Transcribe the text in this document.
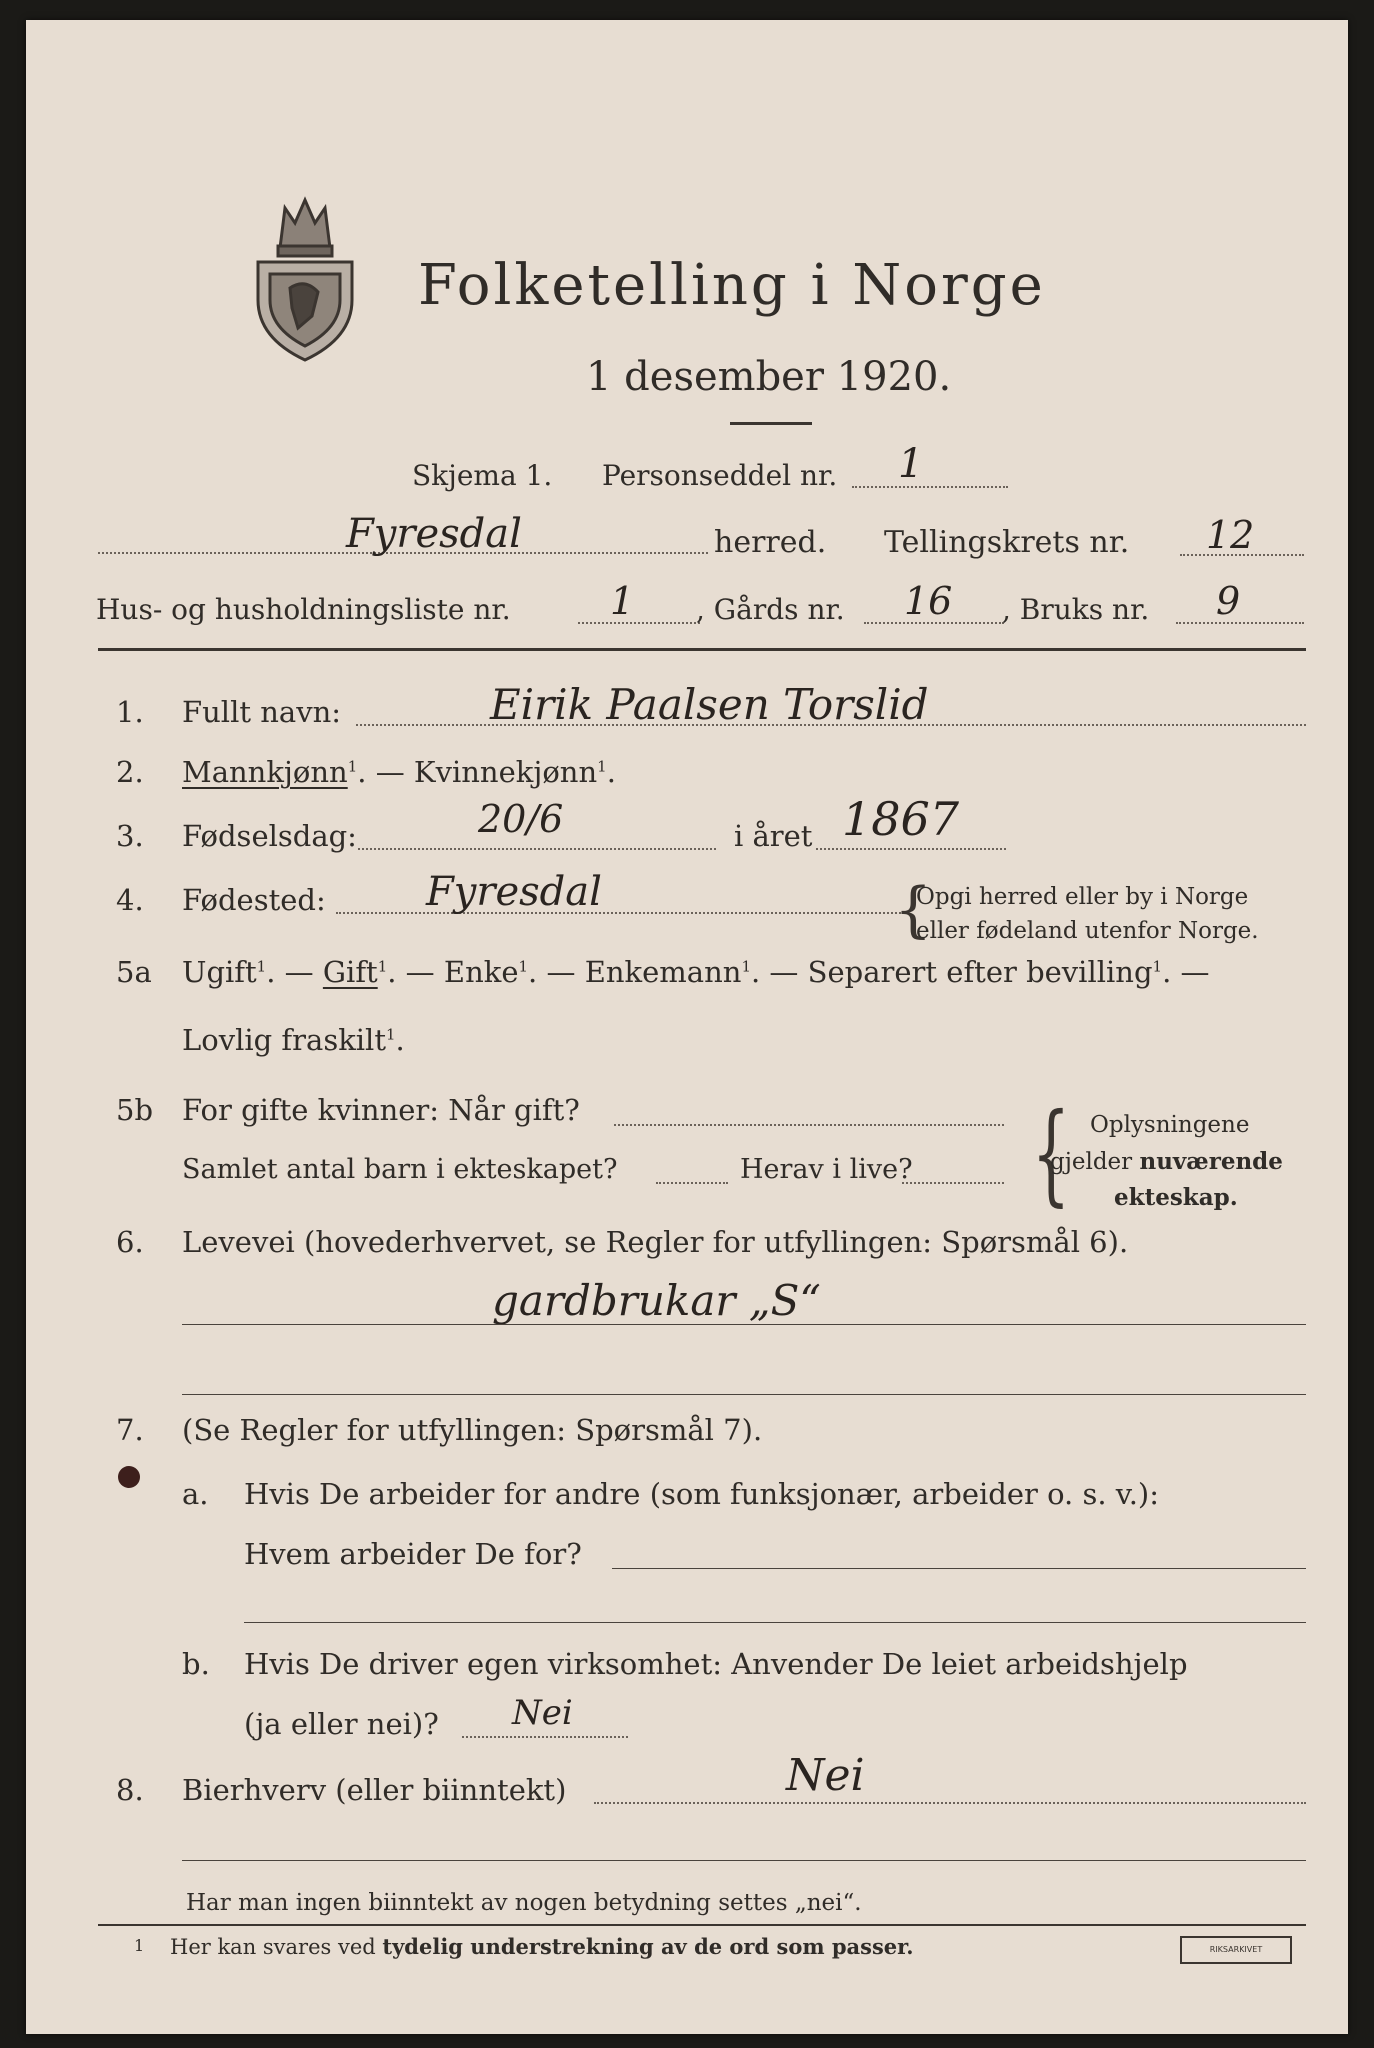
Folketelling i Norge
1 desember 1920.
Skjema 1. Personseddel nr. 1
Fyresdal	herred. Tellingskrets nr. 12
Hus- og husholdningsliste nr.	1 , Gårds nr. 16 , Bruks nr. 9
1. Fullt navn:	Eirik Paalsen Torslid
2. Mannkjønn$^1$. — Kvinnekjønn$^1$.
3. Fødselsdag:	20/6	i året 1867
4. Fødested:	Fyresdal	{
Opgi herred eller by i Norge
eller fødeland utenfor Norge.
5a Ugift$^1$. — Gift$^1$. — Enke$^1$. — Enkemann$^1$. — Separert efter bevilling$^1$. —
Lovlig fraskilt$^1$.
5b For gifte kvinner: Når gift?
Samlet antal barn i ekteskapet?	Herav i live? { Oplysningene
gjelder nuværende
ekteskap.
6. Levevei (hovederhvervet, se Regler for utfyllingen: Spørsmål 6).
gardbrukar „S“
7. (Se Regler for utfyllingen: Spørsmål 7).
a. Hvis De arbeider for andre (som funksjonær, arbeider o. s. v.):
Hvem arbeider De for?
b. Hvis De driver egen virksomhet: Anvender De leiet arbeidshjelp
(ja eller nei)? Nei
8. Bierhverv (eller biinntekt)	Nei
Har man ingen biinntekt av nogen betydning settes „nei“.
1 Her kan svares ved tydelig understrekning av de ord som passer.	RIKSARKIVET
